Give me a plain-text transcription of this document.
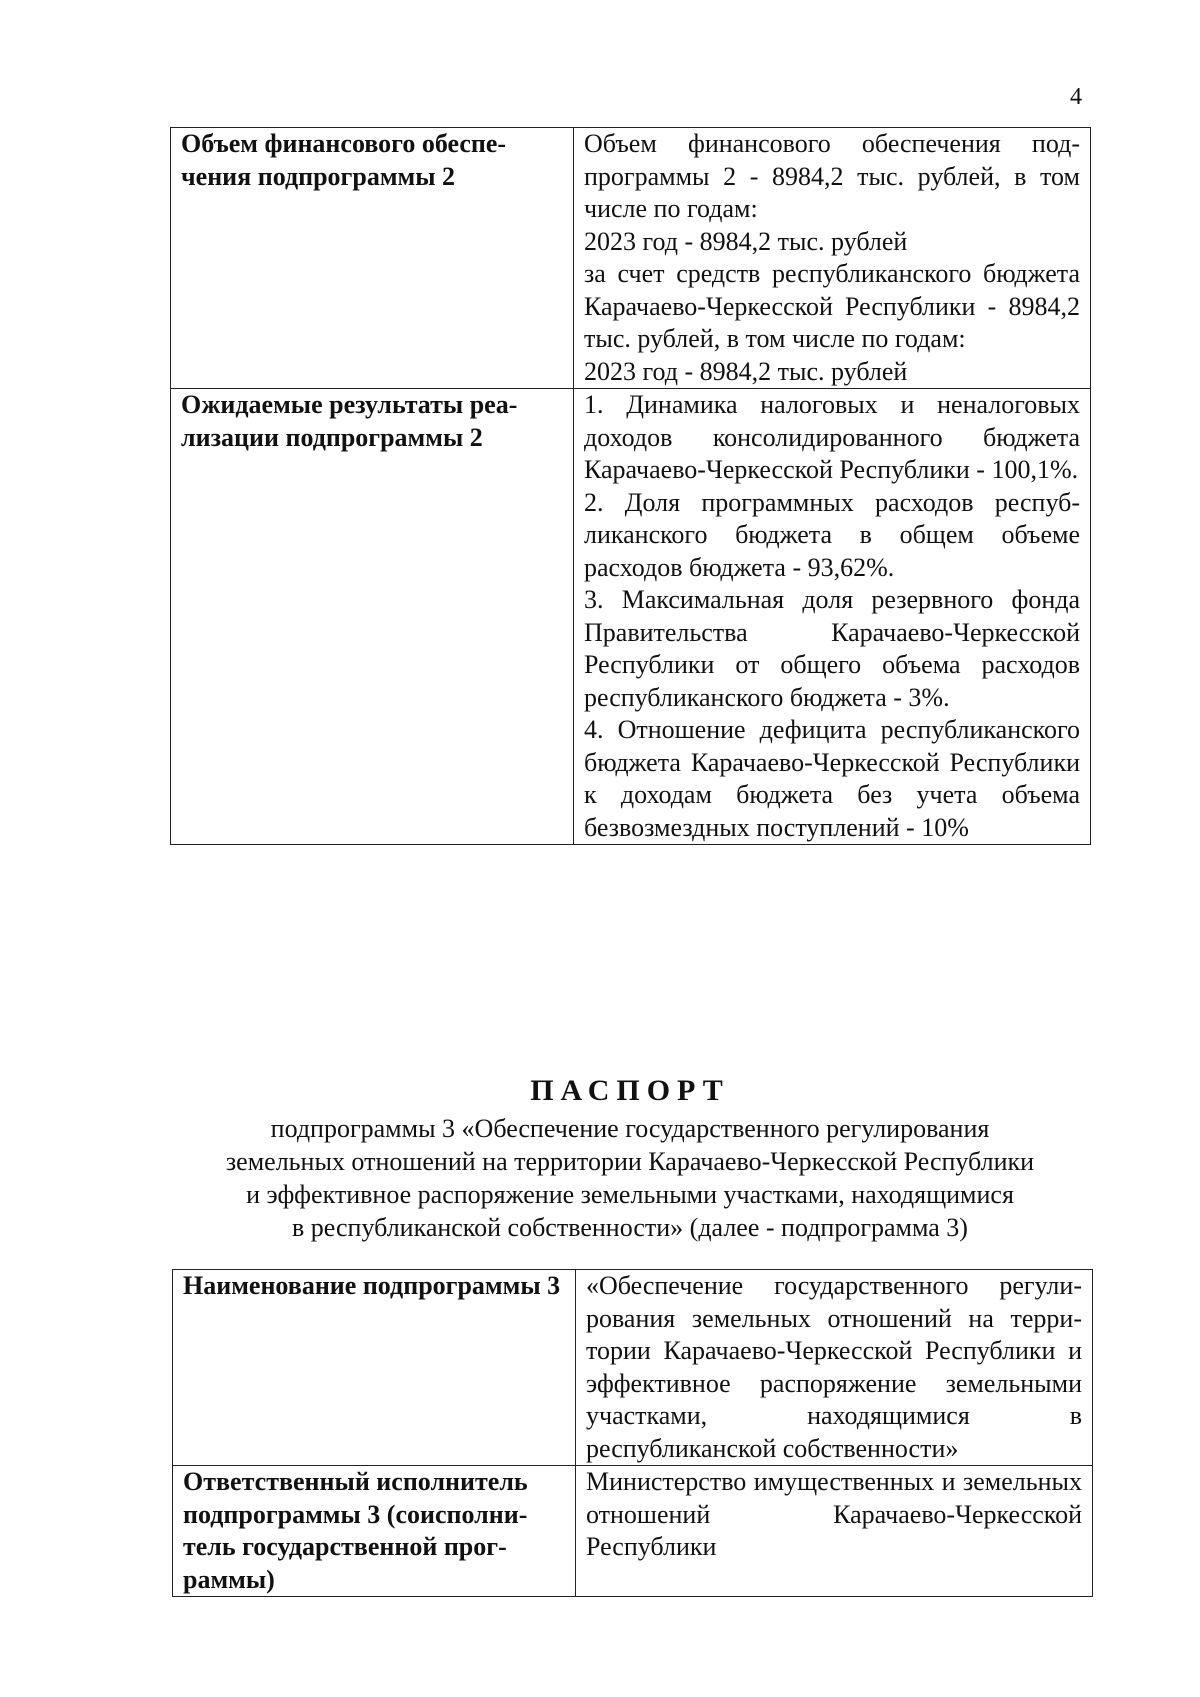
4
Объем финансового обеспечения подпрограммы 2	Объем финансового обеспечения подпрограммы 2 - 8984,2 тыс. рублей, в том числе по годам:
2023 год - 8984,2 тыс. рублей
за счет средств республиканского бюджета Карачаево-Черкесской Республики - 8984,2 тыс. рублей, в том числе по годам:
2023 год - 8984,2 тыс. рублей

Ожидаемые результаты реализации подпрограммы 2	1. Динамика налоговых и неналоговых доходов консолидированного бюджета Карачаево-Черкесской Республики - 100,1%.
2. Доля программных расходов республиканского бюджета в общем объеме расходов бюджета - 93,62%.
3. Максимальная доля резервного фонда Правительства Карачаево-Черкесской Республики от общего объема расходов республиканского бюджета - 3%.
4. Отношение дефицита республиканского бюджета Карачаево-Черкесской Республики к доходам бюджета без учета объема безвозмездных поступлений - 10%
ПАСПОРТ
подпрограммы 3 «Обеспечение государственного регулирования
земельных отношений на территории Карачаево-Черкесской Республики
и эффективное распоряжение земельными участками, находящимися
в республиканской собственности» (далее - подпрограмма 3)
Наименование подпрограммы 3	«Обеспечение государственного регулирования земельных отношений на территории Карачаево-Черкесской Республики и эффективное распоряжение земельными участками, находящимися в республиканской собственности»

Ответственный исполнитель подпрограммы 3 (соисполнитель государственной программы)	Министерство имущественных и земельных отношений Карачаево-Черкесской Республики
